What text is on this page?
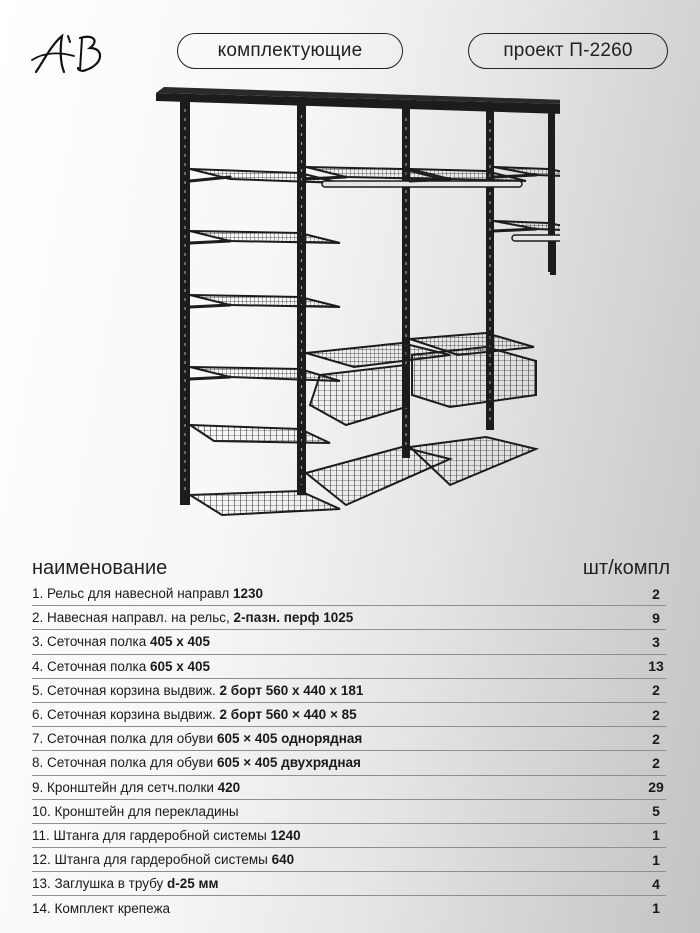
комплектующие	проект П-2260
наименование	шт/компл
1. Рельс для навесной направл 1230	2
2. Навесная направл. на рельс, 2-пазн. перф 1025	9
3. Сеточная полка 405 х 405	3
4. Сеточная полка 605 х 405	13
5. Сеточная корзина выдвиж. 2 борт 560 х 440 х 181	2
6. Сеточная корзина выдвиж. 2 борт 560 × 440 × 85	2
7. Сеточная полка для обуви 605 × 405 однорядная	2
8. Сеточная полка для обуви 605 × 405 двухрядная	2
9. Кронштейн для сетч.полки 420	29
10. Кронштейн для перекладины	5
11. Штанга для гардеробной системы 1240	1
12. Штанга для гардеробной системы 640	1
13. Заглушка в трубу d-25 мм	4
14. Комплект крепежа	1
